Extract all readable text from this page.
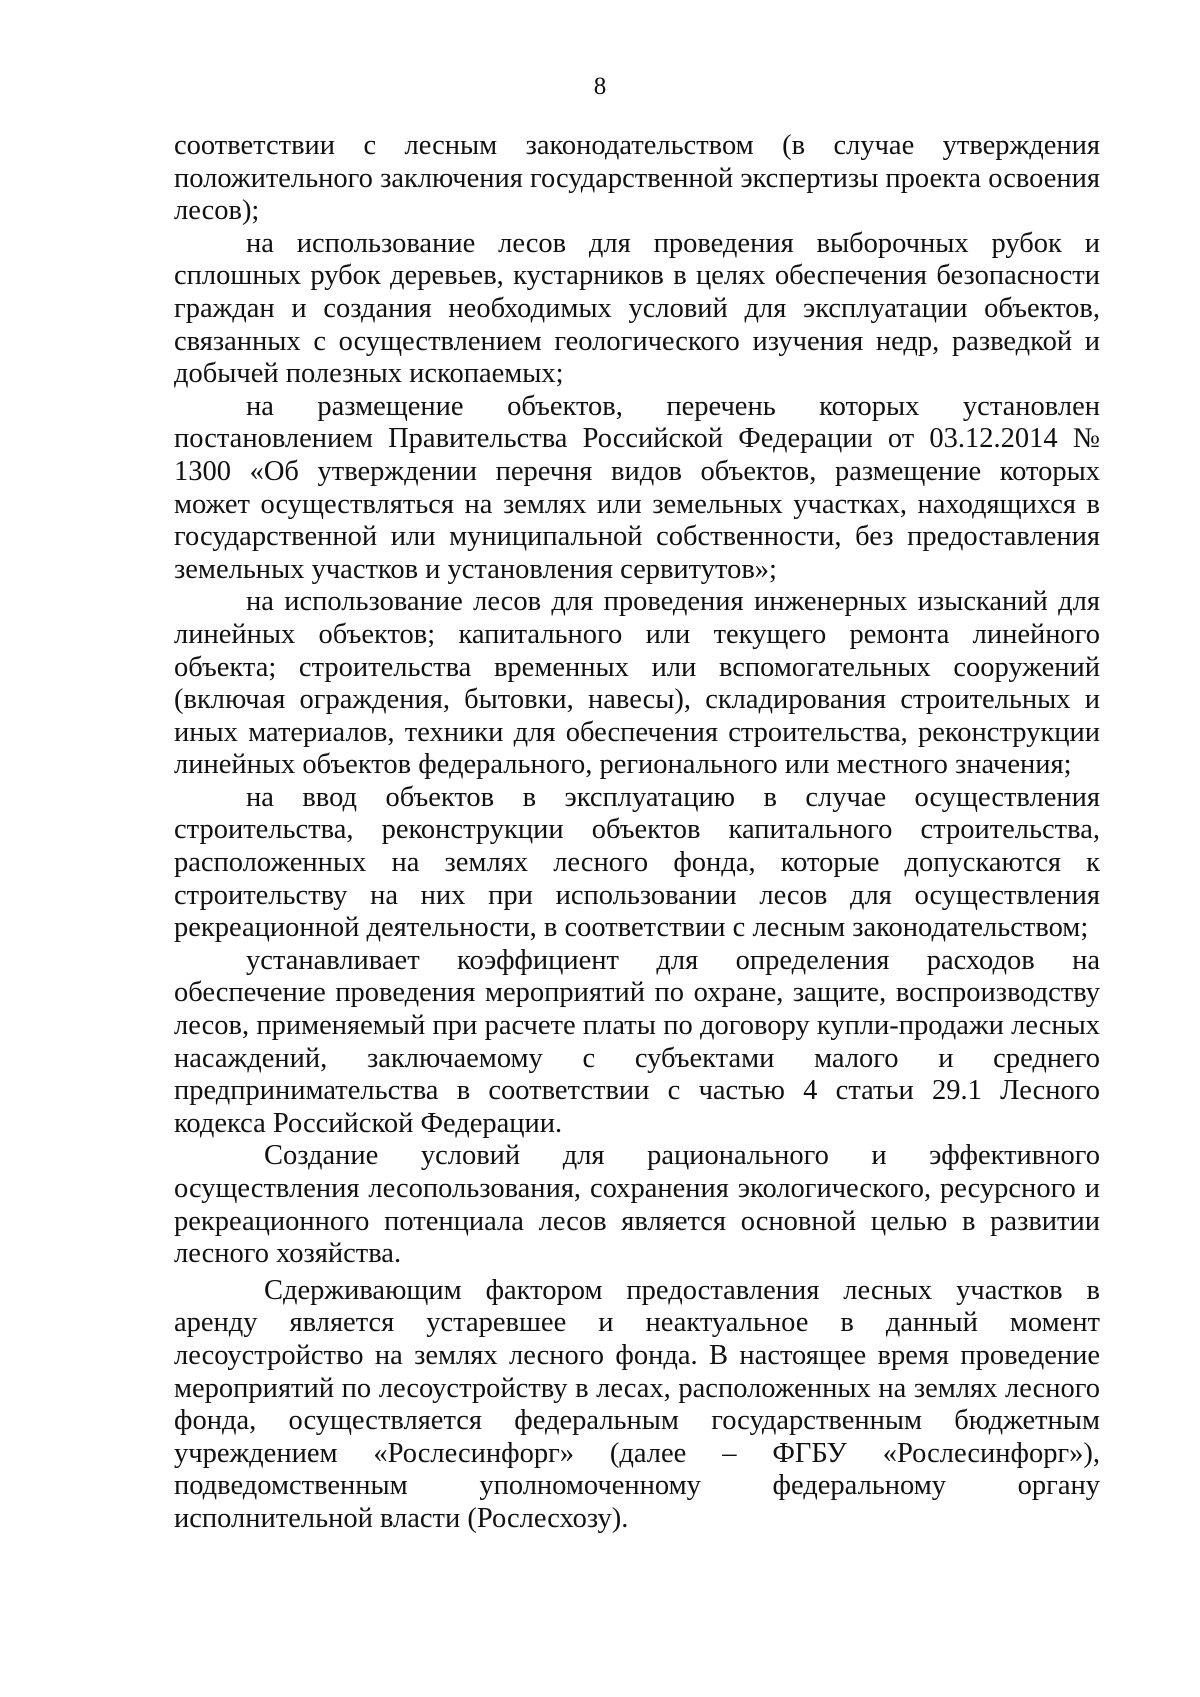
8

соответствии с лесным законодательством (в случае утверждения положительного заключения государственной экспертизы проекта освоения лесов);

на использование лесов для проведения выборочных рубок и сплошных рубок деревьев, кустарников в целях обеспечения безопасности граждан и создания необходимых условий для эксплуатации объектов, связанных с осуществлением геологического изучения недр, разведкой и добычей полезных ископаемых;

на размещение объектов, перечень которых установлен постановлением Правительства Российской Федерации от 03.12.2014 № 1300 «Об утверждении перечня видов объектов, размещение которых может осуществляться на землях или земельных участках, находящихся в государственной или муниципальной собственности, без предоставления земельных участков и установления сервитутов»;

на использование лесов для проведения инженерных изысканий для линейных объектов; капитального или текущего ремонта линейного объекта; строительства временных или вспомогательных сооружений (включая ограждения, бытовки, навесы), складирования строительных и иных материалов, техники для обеспечения строительства, реконструкции линейных объектов федерального, регионального или местного значения;

на ввод объектов в эксплуатацию в случае осуществления строительства, реконструкции объектов капитального строительства, расположенных на землях лесного фонда, которые допускаются к строительству на них при использовании лесов для осуществления рекреационной деятельности, в соответствии с лесным законодательством;

устанавливает коэффициент для определения расходов на обеспечение проведения мероприятий по охране, защите, воспроизводству лесов, применяемый при расчете платы по договору купли-продажи лесных насаждений, заключаемому с субъектами малого и среднего предпринимательства в соответствии с частью 4 статьи 29.1 Лесного кодекса Российской Федерации.

Создание условий для рационального и эффективного осуществления лесопользования, сохранения экологического, ресурсного и рекреационного потенциала лесов является основной целью в развитии лесного хозяйства.

Сдерживающим фактором предоставления лесных участков в аренду является устаревшее и неактуальное в данный момент лесоустройство на землях лесного фонда. В настоящее время проведение мероприятий по лесоустройству в лесах, расположенных на землях лесного фонда, осуществляется федеральным государственным бюджетным учреждением «Рослесинфорг» (далее – ФГБУ «Рослесинфорг»), подведомственным уполномоченному федеральному органу исполнительной власти (Рослесхозу).
